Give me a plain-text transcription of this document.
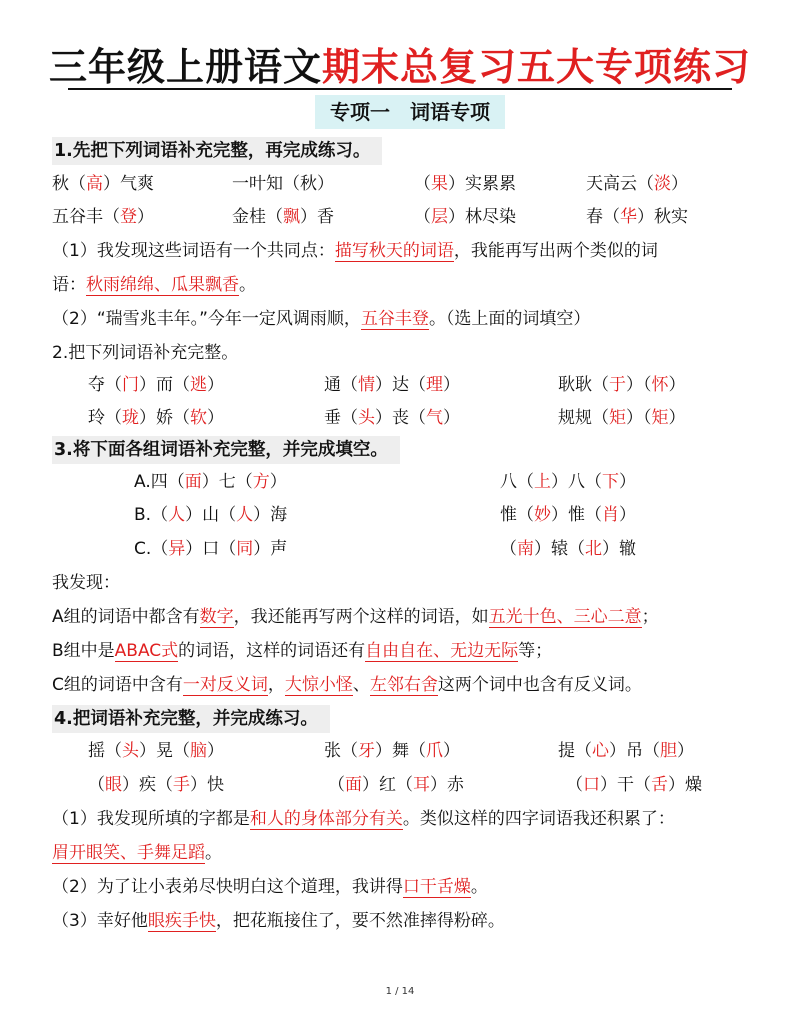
三年级上册语文期末总复习五大专项练习
专项一　词语专项
1.先把下列词语补充完整，再完成练习。
秋（高）气爽	一叶知（秋）	（果）实累累	天高云（淡）
五谷丰（登）	金桂（飘）香	（层）林尽染	春（华）秋实
（1）我发现这些词语有一个共同点：描写秋天的词语，我能再写出两个类似的词
语：秋雨绵绵、瓜果飘香。
（2）“瑞雪兆丰年。”今年一定风调雨顺，五谷丰登。（选上面的词填空）
2.把下列词语补充完整。
夺（门）而（逃）	通（情）达（理）	耿耿（于）（怀）
玲（珑）娇（软）	垂（头）丧（气）	规规（矩）（矩）
3.将下面各组词语补充完整，并完成填空。
A.四（面）七（方）	八（上）八（下）
B.（人）山（人）海	惟（妙）惟（肖）
C.（异）口（同）声	（南）辕（北）辙
我发现：
A组的词语中都含有数字，我还能再写两个这样的词语，如五光十色、三心二意；
B组中是ABAC式的词语，这样的词语还有自由自在、无边无际等；
C组的词语中含有一对反义词，大惊小怪、左邻右舍这两个词中也含有反义词。
4.把词语补充完整，并完成练习。
摇（头）晃（脑）	张（牙）舞（爪）	提（心）吊（胆）
（眼）疾（手）快	（面）红（耳）赤	（口）干（舌）燥
（1）我发现所填的字都是和人的身体部分有关。类似这样的四字词语我还积累了：
眉开眼笑、手舞足蹈。
（2）为了让小表弟尽快明白这个道理，我讲得口干舌燥。
（3）幸好他眼疾手快，把花瓶接住了，要不然准摔得粉碎。
1 / 14
